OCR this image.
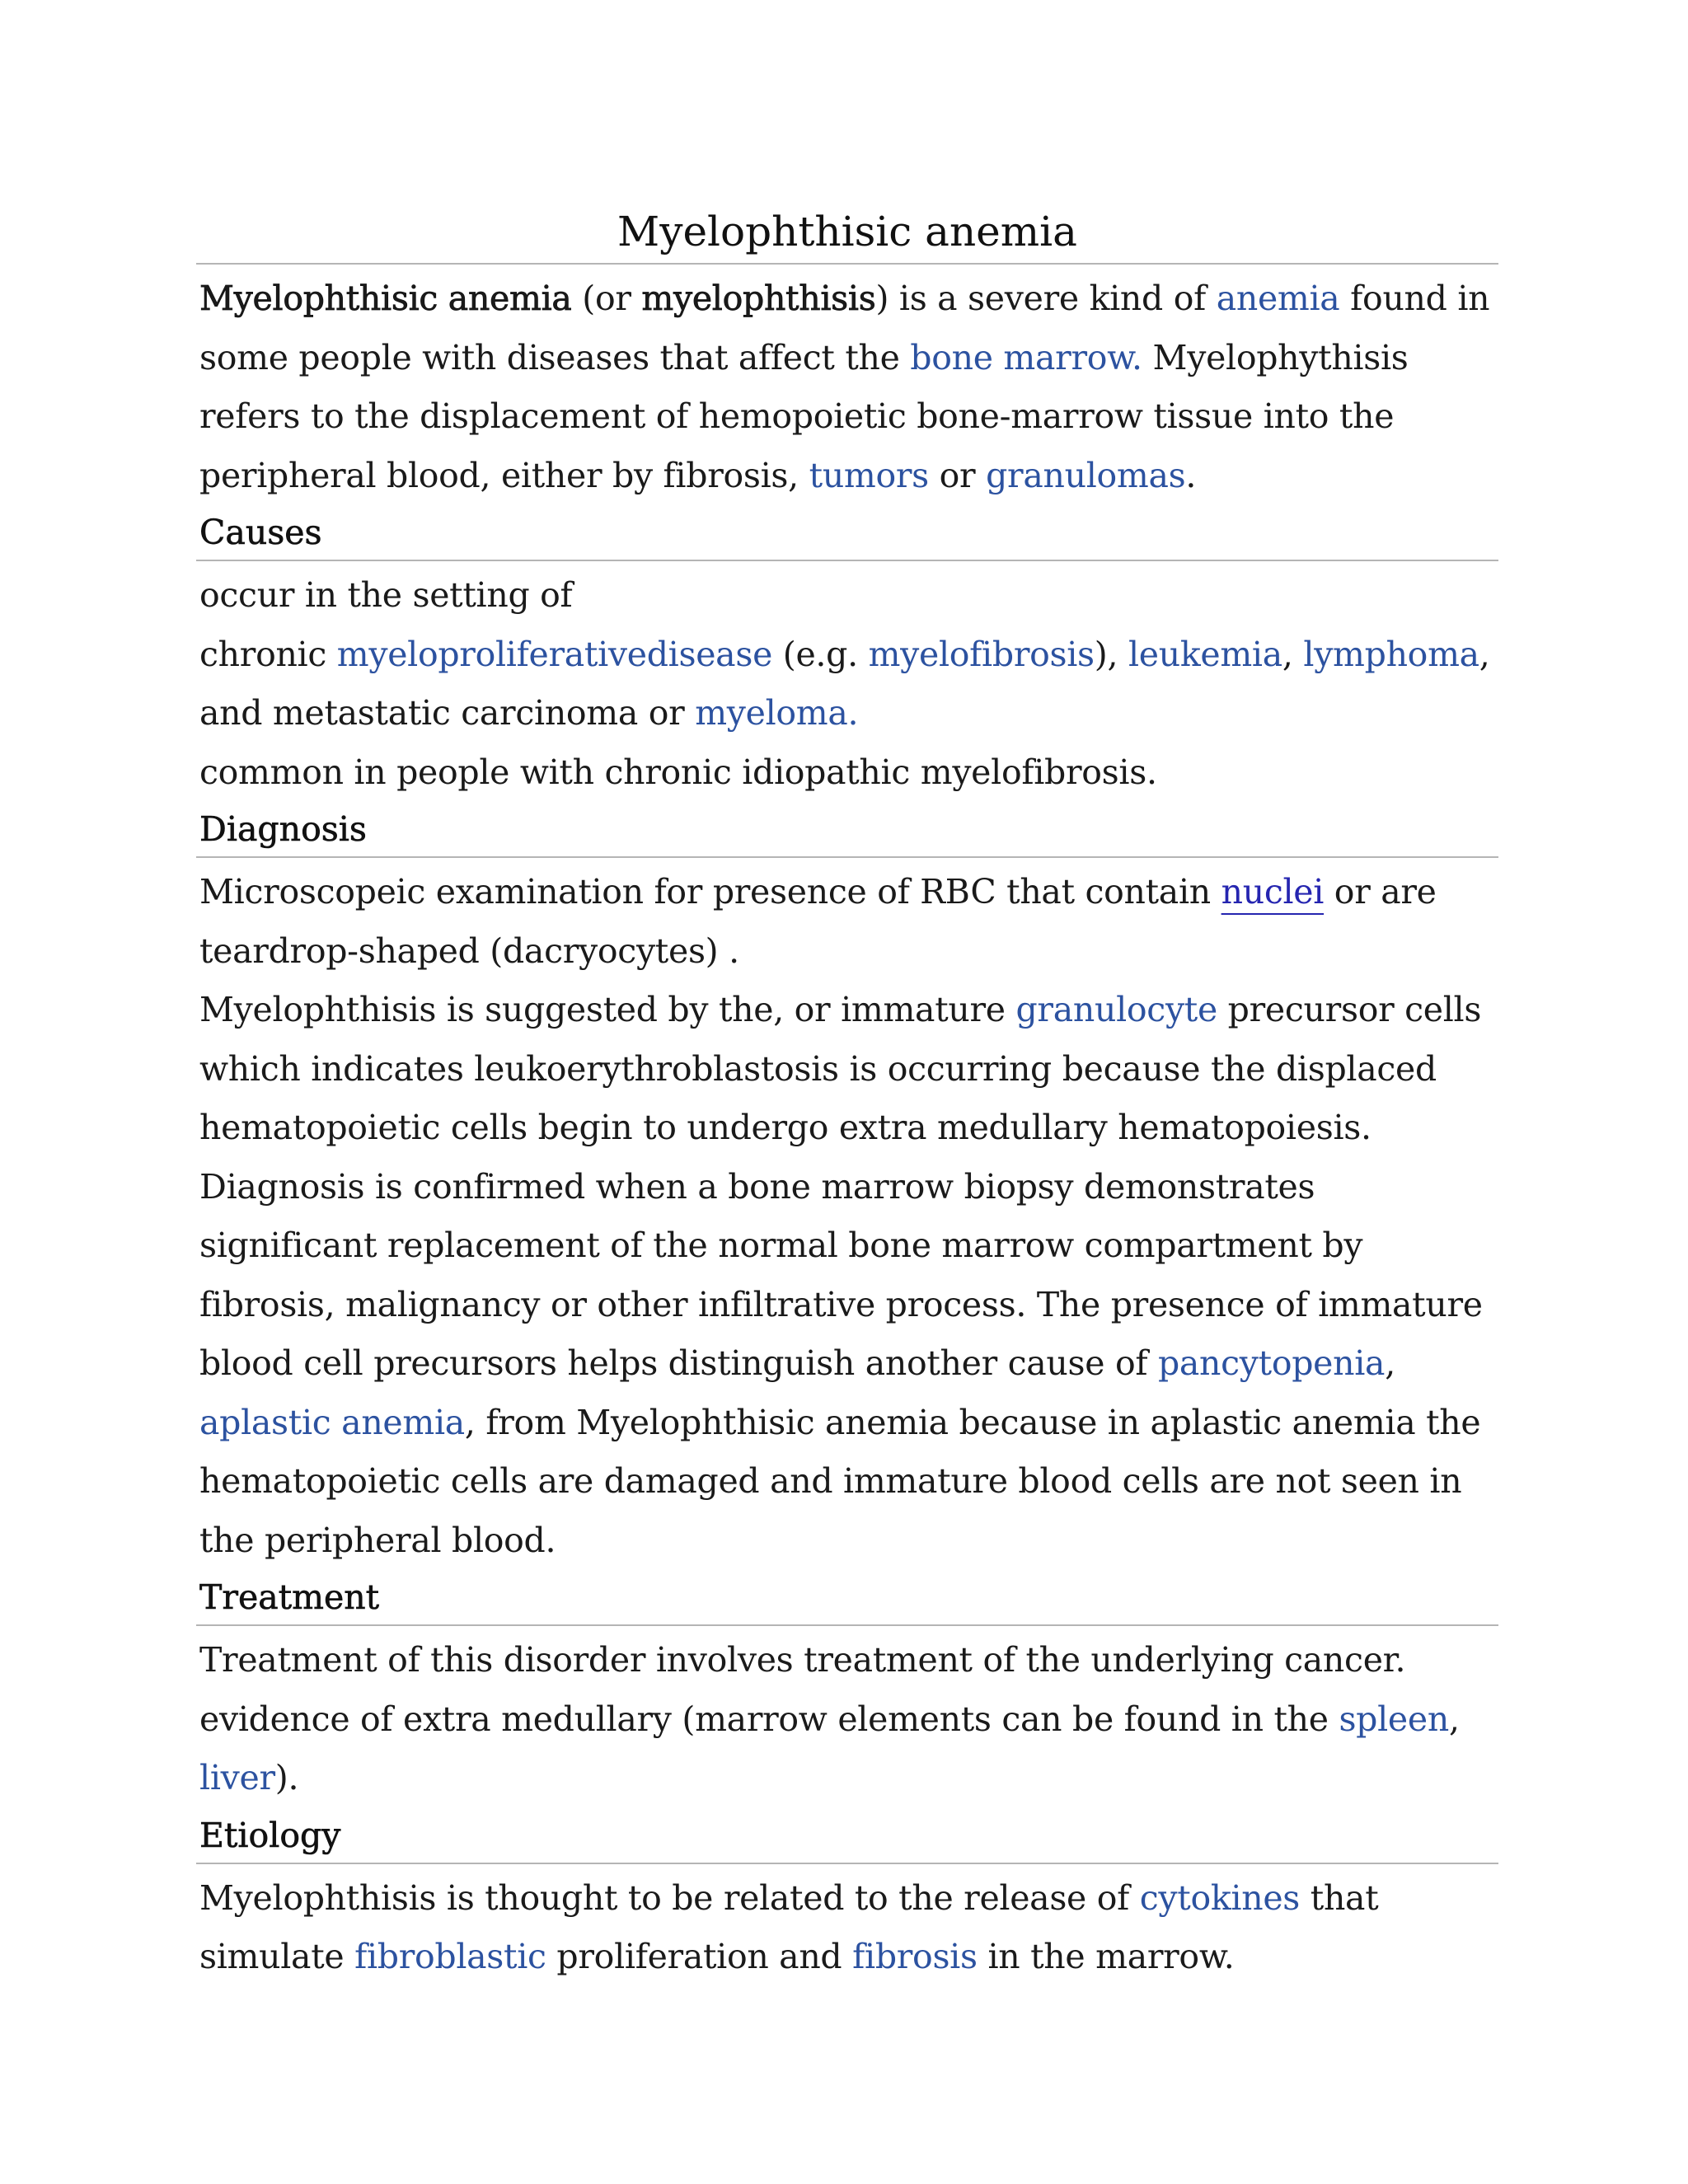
Myelophthisic anemia

Myelophthisic anemia (or myelophthisis) is a severe kind of anemia found in some people with diseases that affect the bone marrow. Myelophythisis refers to the displacement of hemopoietic bone-marrow tissue into the peripheral blood, either by fibrosis, tumors or granulomas.

Causes

occur in the setting of

chronic myeloproliferativedisease (e.g. myelofibrosis), leukemia, lymphoma, and metastatic carcinoma or myeloma.

common in people with chronic idiopathic myelofibrosis.

Diagnosis

Microscopeic examination for presence of RBC that contain nuclei or are teardrop-shaped (dacryocytes) .

Myelophthisis is suggested by the, or immature granulocyte precursor cells which indicates leukoerythroblastosis is occurring because the displaced hematopoietic cells begin to undergo extra medullary hematopoiesis.

Diagnosis is confirmed when a bone marrow biopsy demonstrates significant replacement of the normal bone marrow compartment by fibrosis, malignancy or other infiltrative process. The presence of immature blood cell precursors helps distinguish another cause of pancytopenia, aplastic anemia, from Myelophthisic anemia because in aplastic anemia the hematopoietic cells are damaged and immature blood cells are not seen in the peripheral blood.

Treatment

Treatment of this disorder involves treatment of the underlying cancer.

evidence of extra medullary (marrow elements can be found in the spleen, liver).

Etiology

Myelophthisis is thought to be related to the release of cytokines that simulate fibroblastic proliferation and fibrosis in the marrow.
